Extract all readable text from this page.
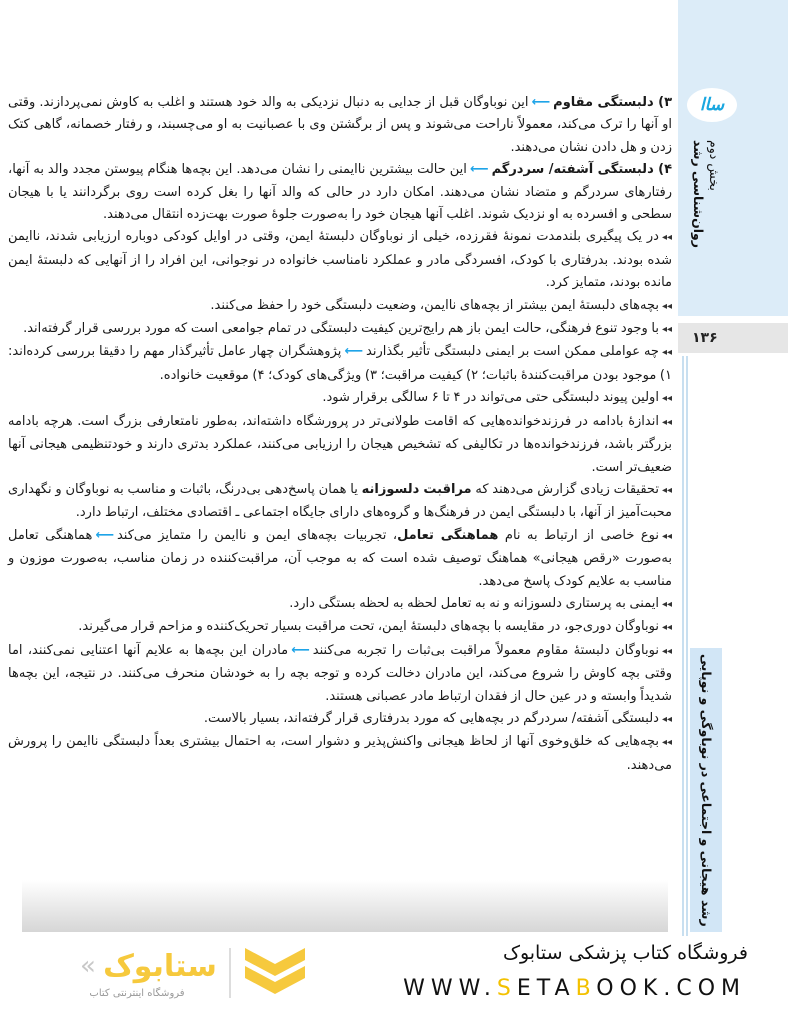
ساا
بخش دوم
روان‌شناسی رشد
۱۳۶
رشد هیجانی و اجتماعی در نوباوگی و نوپایی

۳) دلبستگی مقاوم⟵این نوباوگان قبل از جدایی به دنبال نزدیکی به والد خود هستند و اغلب به کاوش نمی‌پردازند. وقتی او آنها را ترک می‌کند، معمولاً ناراحت می‌شوند و پس از برگشتن وی با عصبانیت به او می‌چسبند، و رفتار خصمانه، گاهی کتک زدن و هل دادن نشان می‌دهند.

۴) دلبستگی آشفته/ سردرگم⟵این حالت بیشترین ناایمنی را نشان می‌دهد. این بچه‌ها هنگام پیوستن مجدد والد به آنها، رفتارهای سردرگم و متضاد نشان می‌دهند. امکان دارد در حالی که والد آنها را بغل کرده است روی برگردانند یا با هیجان سطحی و افسرده به او نزدیک شوند. اغلب آنها هیجان خود را به‌صورت جلوهٔ صورت بهت‌زده انتقال می‌دهند.

◂◂در یک پیگیری بلندمدت نمونهٔ فقرزده، خیلی از نوباوگان دلبستهٔ ایمن، وقتی در اوایل کودکی دوباره ارزیابی شدند، ناایمن شده بودند. بدرفتاری با کودک، افسردگی مادر و عملکرد نامناسب خانواده در نوجوانی، این افراد را از آنهایی که دلبستهٔ ایمن مانده بودند، متمایز کرد.

◂◂بچه‌های دلبستهٔ ایمن بیشتر از بچه‌های ناایمن، وضعیت دلبستگی خود را حفظ می‌کنند.

◂◂با وجود تنوع فرهنگی، حالت ایمن باز هم رایج‌ترین کیفیت دلبستگی در تمام جوامعی است که مورد بررسی قرار گرفته‌اند.

◂◂چه عواملی ممکن است بر ایمنی دلبستگی تأثیر بگذارند⟵پژوهشگران چهار عامل تأثیرگذار مهم را دقیقا بررسی کرده‌اند: ۱) موجود بودن مراقبت‌کنندهٔ باثبات؛ ۲) کیفیت مراقبت؛ ۳) ویژگی‌های کودک؛ ۴) موقعیت خانواده.

◂◂اولین پیوند دلبستگی حتی می‌تواند در ۴ تا ۶ سالگی برقرار شود.

◂◂اندازهٔ بادامه در فرزندخوانده‌هایی که اقامت طولانی‌تر در پرورشگاه داشته‌اند، به‌طور نامتعارفی بزرگ است. هرچه بادامه بزرگتر باشد، فرزندخوانده‌ها در تکالیفی که تشخیص هیجان را ارزیابی می‌کنند، عملکرد بدتری دارند و خودتنظیمی هیجانی آنها ضعیف‌تر است.

◂◂تحقیقات زیادی گزارش می‌دهند که مراقبت دلسوزانه یا همان پاسخ‌دهی بی‌درنگ، باثبات و مناسب به نوباوگان و نگهداری محبت‌آمیز از آنها، با دلبستگی ایمن در فرهنگ‌ها و گروه‌های دارای جایگاه اجتماعی ـ اقتصادی مختلف، ارتباط دارد.

◂◂نوع خاصی از ارتباط به نام هماهنگی تعامل، تجربیات بچه‌های ایمن و ناایمن را متمایز می‌کند⟵هماهنگی تعامل به‌صورت «رقص هیجانی» هماهنگ توصیف شده است که به موجب آن، مراقبت‌کننده در زمان مناسب، به‌صورت موزون و مناسب به علایم کودک پاسخ می‌دهد.

◂◂ایمنی به پرستاری دلسوزانه و نه به تعامل لحظه به لحظه بستگی دارد.

◂◂نوباوگان دوری‌جو، در مقایسه با بچه‌های دلبستهٔ ایمن، تحت مراقبت بسیار تحریک‌کننده و مزاحم قرار می‌گیرند.

◂◂نوباوگان دلبستهٔ مقاوم معمولاً مراقبت بی‌ثبات را تجربه می‌کنند⟵مادران این بچه‌ها به علایم آنها اعتنایی نمی‌کنند، اما وقتی بچه کاوش را شروع می‌کند، این مادران دخالت کرده و توجه بچه را به خودشان منحرف می‌کنند. در نتیجه، این بچه‌ها شدیداً وابسته و در عین حال از فقدان ارتباط مادر عصبانی هستند.

◂◂دلبستگی آشفته/ سردرگم در بچه‌هایی که مورد بدرفتاری قرار گرفته‌اند، بسیار بالاست.

◂◂بچه‌هایی که خلق‌وخوی آنها از لحاظ هیجانی واکنش‌پذیر و دشوار است، به احتمال بیشتری بعداً دلبستگی ناایمن را پرورش می‌دهند.

ستابوک
«
فروشگاه اینترنتی کتاب
فروشگاه کتاب پزشکی ستابوک
WWW.SETABOOK.COM
